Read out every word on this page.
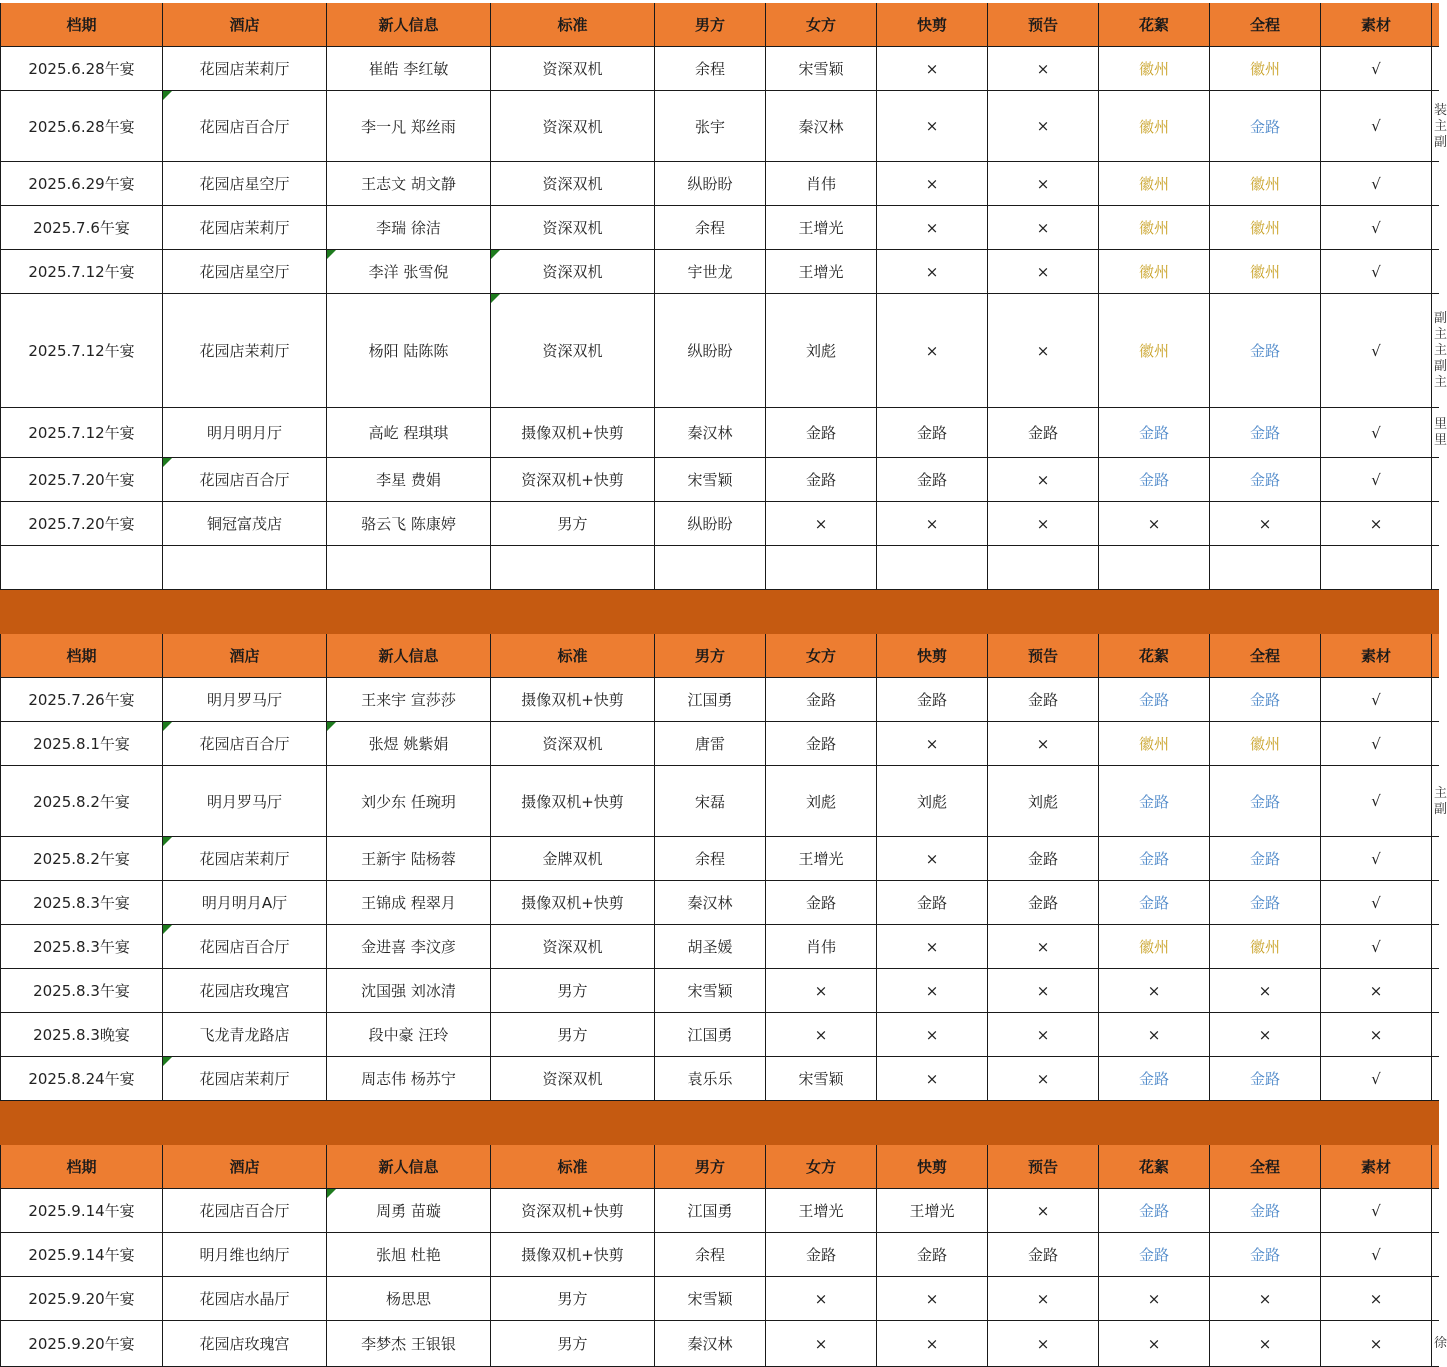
档期	酒店	新人信息	标准	男方	女方	快剪	预告	花絮	全程	素材
2025.6.28午宴	花园店茉莉厅	崔皓 李红敏	资深双机	余程	宋雪颖	×	×	徽州	徽州	√
2025.6.28午宴	花园店百合厅	李一凡 郑丝雨	资深双机	张宇	秦汉林	×	×	徽州	金路	√
2025.6.29午宴	花园店星空厅	王志文 胡文静	资深双机	纵盼盼	肖伟	×	×	徽州	徽州	√
2025.7.6午宴	花园店茉莉厅	李瑞 徐洁	资深双机	余程	王增光	×	×	徽州	徽州	√
2025.7.12午宴	花园店星空厅	李洋 张雪倪	资深双机	宇世龙	王增光	×	×	徽州	徽州	√
2025.7.12午宴	花园店茉莉厅	杨阳 陆陈陈	资深双机	纵盼盼	刘彪	×	×	徽州	金路	√
2025.7.12午宴	明月明月厅	高屹 程琪琪	摄像双机+快剪	秦汉林	金路	金路	金路	金路	金路	√
2025.7.20午宴	花园店百合厅	李星 费娟	资深双机+快剪	宋雪颖	金路	金路	×	金路	金路	√
2025.7.20午宴	铜冠富茂店	骆云飞 陈康婷	男方	纵盼盼	×	×	×	×	×	×
档期	酒店	新人信息	标准	男方	女方	快剪	预告	花絮	全程	素材
2025.7.26午宴	明月罗马厅	王来宇 宣莎莎	摄像双机+快剪	江国勇	金路	金路	金路	金路	金路	√
2025.8.1午宴	花园店百合厅	张煜 姚紫娟	资深双机	唐雷	金路	×	×	徽州	徽州	√
2025.8.2午宴	明月罗马厅	刘少东 任琬玥	摄像双机+快剪	宋磊	刘彪	刘彪	刘彪	金路	金路	√
2025.8.2午宴	花园店茉莉厅	王新宇 陆杨蓉	金牌双机	余程	王增光	×	金路	金路	金路	√
2025.8.3午宴	明月明月A厅	王锦成 程翠月	摄像双机+快剪	秦汉林	金路	金路	金路	金路	金路	√
2025.8.3午宴	花园店百合厅	金进喜 李汶彦	资深双机	胡圣媛	肖伟	×	×	徽州	徽州	√
2025.8.3午宴	花园店玫瑰宫	沈国强 刘冰清	男方	宋雪颖	×	×	×	×	×	×
2025.8.3晚宴	飞龙青龙路店	段中豪 汪玲	男方	江国勇	×	×	×	×	×	×
2025.8.24午宴	花园店茉莉厅	周志伟 杨苏宁	资深双机	袁乐乐	宋雪颖	×	×	金路	金路	√
档期	酒店	新人信息	标准	男方	女方	快剪	预告	花絮	全程	素材
2025.9.14午宴	花园店百合厅	周勇 苗璇	资深双机+快剪	江国勇	王增光	王增光	×	金路	金路	√
2025.9.14午宴	明月维也纳厅	张旭 杜艳	摄像双机+快剪	余程	金路	金路	金路	金路	金路	√
2025.9.20午宴	花园店水晶厅	杨思思	男方	宋雪颖	×	×	×	×	×	×
2025.9.20午宴	花园店玫瑰宫	李梦杰 王银银	男方	秦汉林	×	×	×	×	×	×
装
主
副
副
主
主
副
主
里
里
主
副
徐
